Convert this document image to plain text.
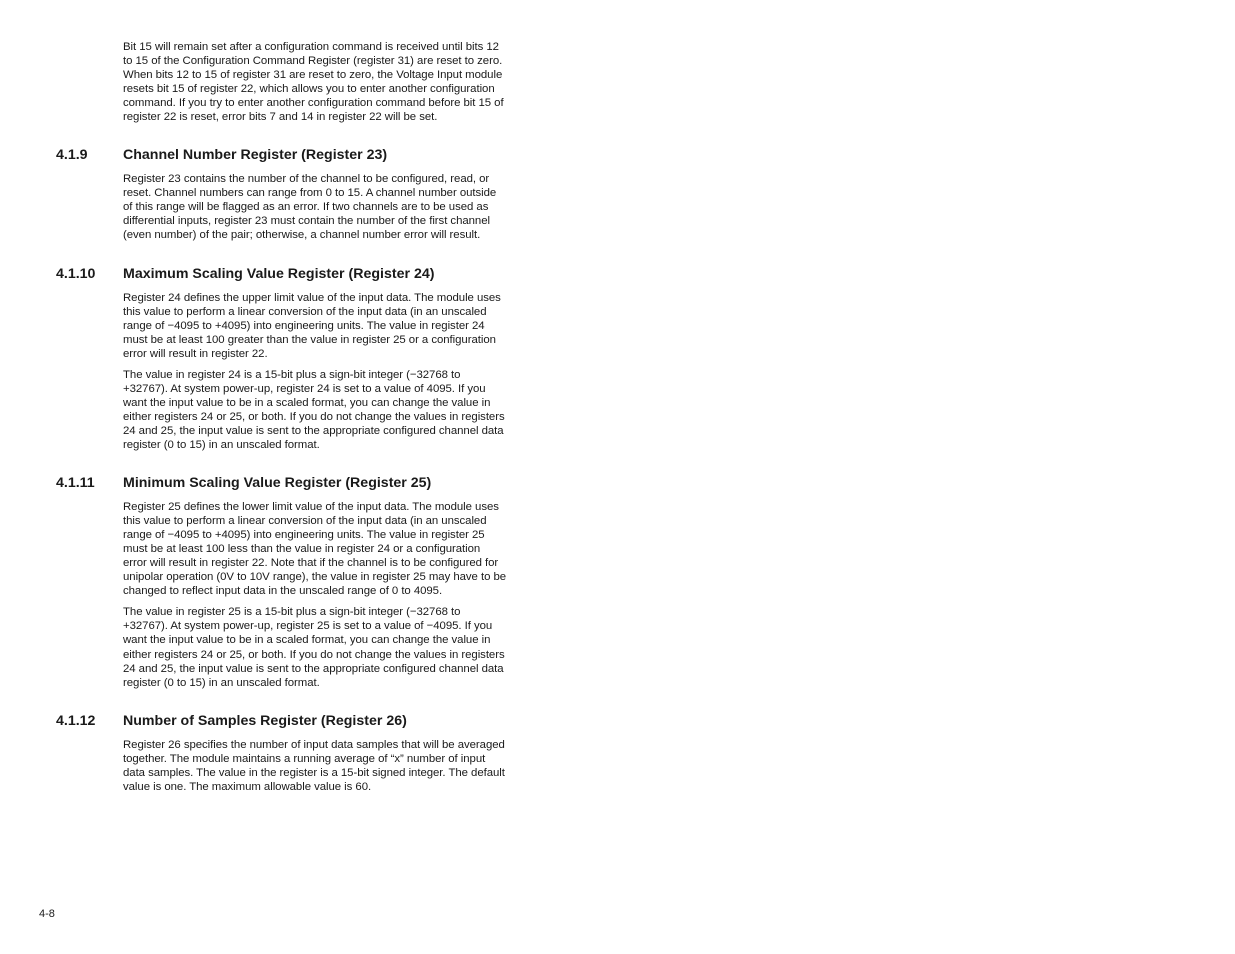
Bit 15 will remain set after a configuration command is received until bits 12 to 15 of the Configuration Command Register (register 31) are reset to zero. When bits 12 to 15 of register 31 are reset to zero, the Voltage Input module resets bit 15 of register 22, which allows you to enter another configuration command. If you try to enter another configuration command before bit 15 of register 22 is reset, error bits 7 and 14 in register 22 will be set.

4.1.9	Channel Number Register (Register 23)

Register 23 contains the number of the channel to be configured, read, or reset. Channel numbers can range from 0 to 15. A channel number outside of this range will be flagged as an error. If two channels are to be used as differential inputs, register 23 must contain the number of the first channel (even number) of the pair; otherwise, a channel number error will result.

4.1.10	Maximum Scaling Value Register (Register 24)

Register 24 defines the upper limit value of the input data. The module uses this value to perform a linear conversion of the input data (in an unscaled range of −4095 to +4095) into engineering units. The value in register 24 must be at least 100 greater than the value in register 25 or a configuration error will result in register 22.

The value in register 24 is a 15-bit plus a sign-bit integer (−32768 to +32767). At system power-up, register 24 is set to a value of 4095. If you want the input value to be in a scaled format, you can change the value in either registers 24 or 25, or both. If you do not change the values in registers 24 and 25, the input value is sent to the appropriate configured channel data register (0 to 15) in an unscaled format.

4.1.11	Minimum Scaling Value Register (Register 25)

Register 25 defines the lower limit value of the input data. The module uses this value to perform a linear conversion of the input data (in an unscaled range of −4095 to +4095) into engineering units. The value in register 25 must be at least 100 less than the value in register 24 or a configuration error will result in register 22. Note that if the channel is to be configured for unipolar operation (0V to 10V range), the value in register 25 may have to be changed to reflect input data in the unscaled range of 0 to 4095.

The value in register 25 is a 15-bit plus a sign-bit integer (−32768 to +32767). At system power-up, register 25 is set to a value of −4095. If you want the input value to be in a scaled format, you can change the value in either registers 24 or 25, or both. If you do not change the values in registers 24 and 25, the input value is sent to the appropriate configured channel data register (0 to 15) in an unscaled format.

4.1.12	Number of Samples Register (Register 26)

Register 26 specifies the number of input data samples that will be averaged together. The module maintains a running average of “x” number of input data samples. The value in the register is a 15-bit signed integer. The default value is one. The maximum allowable value is 60.

4-8
